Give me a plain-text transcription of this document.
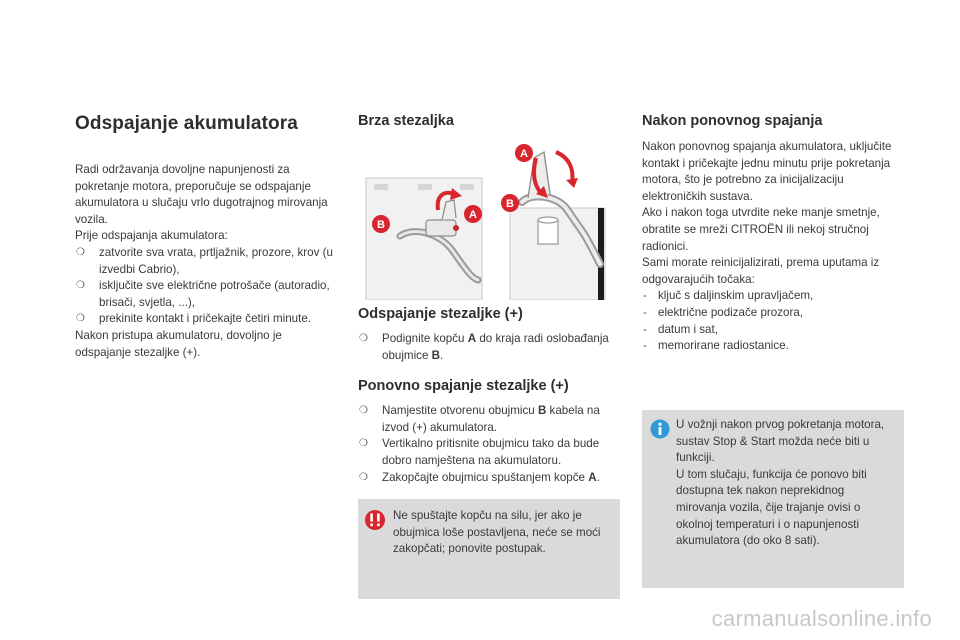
Odspajanje akumulatora

Radi održavanja dovoljne napunjenosti za pokretanje motora, preporučuje se odspajanje akumulatora u slučaju vrlo dugotrajnog mirovanja vozila.

Prije odspajanja akumulatora:

❍ zatvorite sva vrata, prtljažnik, prozore, krov (u izvedbi Cabrio),
❍ isključite sve električne potrošače (autoradio, brisači, svjetla, ...),
❍ prekinite kontakt i pričekajte četiri minute.

Nakon pristupa akumulatoru, dovoljno je odspajanje stezaljke (+).

Brza stezaljka
B
A
A
B
Odspajanje stezaljke (+)
❍ Podignite kopču A do kraja radi oslobađanja obujmice B.
Ponovno spajanje stezaljke (+)
❍ Namjestite otvorenu obujmicu B kabela na izvod (+) akumulatora.
❍ Vertikalno pritisnite obujmicu tako da bude dobro namještena na akumulatoru.
❍ Zakopčajte obujmicu spuštanjem kopče A.

Ne spuštajte kopču na silu, jer ako je obujmica loše postavljena, neće se moći zakopčati; ponovite postupak.

Nakon ponovnog spajanja

Nakon ponovnog spajanja akumulatora, uključite kontakt i pričekajte jednu minutu prije pokretanja motora, što je potrebno za inicijalizaciju elektroničkih sustava.

Ako i nakon toga utvrdite neke manje smetnje, obratite se mreži CITROËN ili nekoj stručnoj radionici.

Sami morate reinicijalizirati, prema uputama iz odgovarajućih točaka:

- ključ s daljinskim upravljačem,
- električne podizače prozora,
- datum i sat,
- memorirane radiostanice.

U vožnji nakon prvog pokretanja motora, sustav Stop & Start možda neće biti u funkciji.
U tom slučaju, funkcija će ponovo biti dostupna tek nakon neprekidnog mirovanja vozila, čije trajanje ovisi o okolnoj temperaturi i o napunjenosti akumulatora (do oko 8 sati).

carmanualsonline.info
